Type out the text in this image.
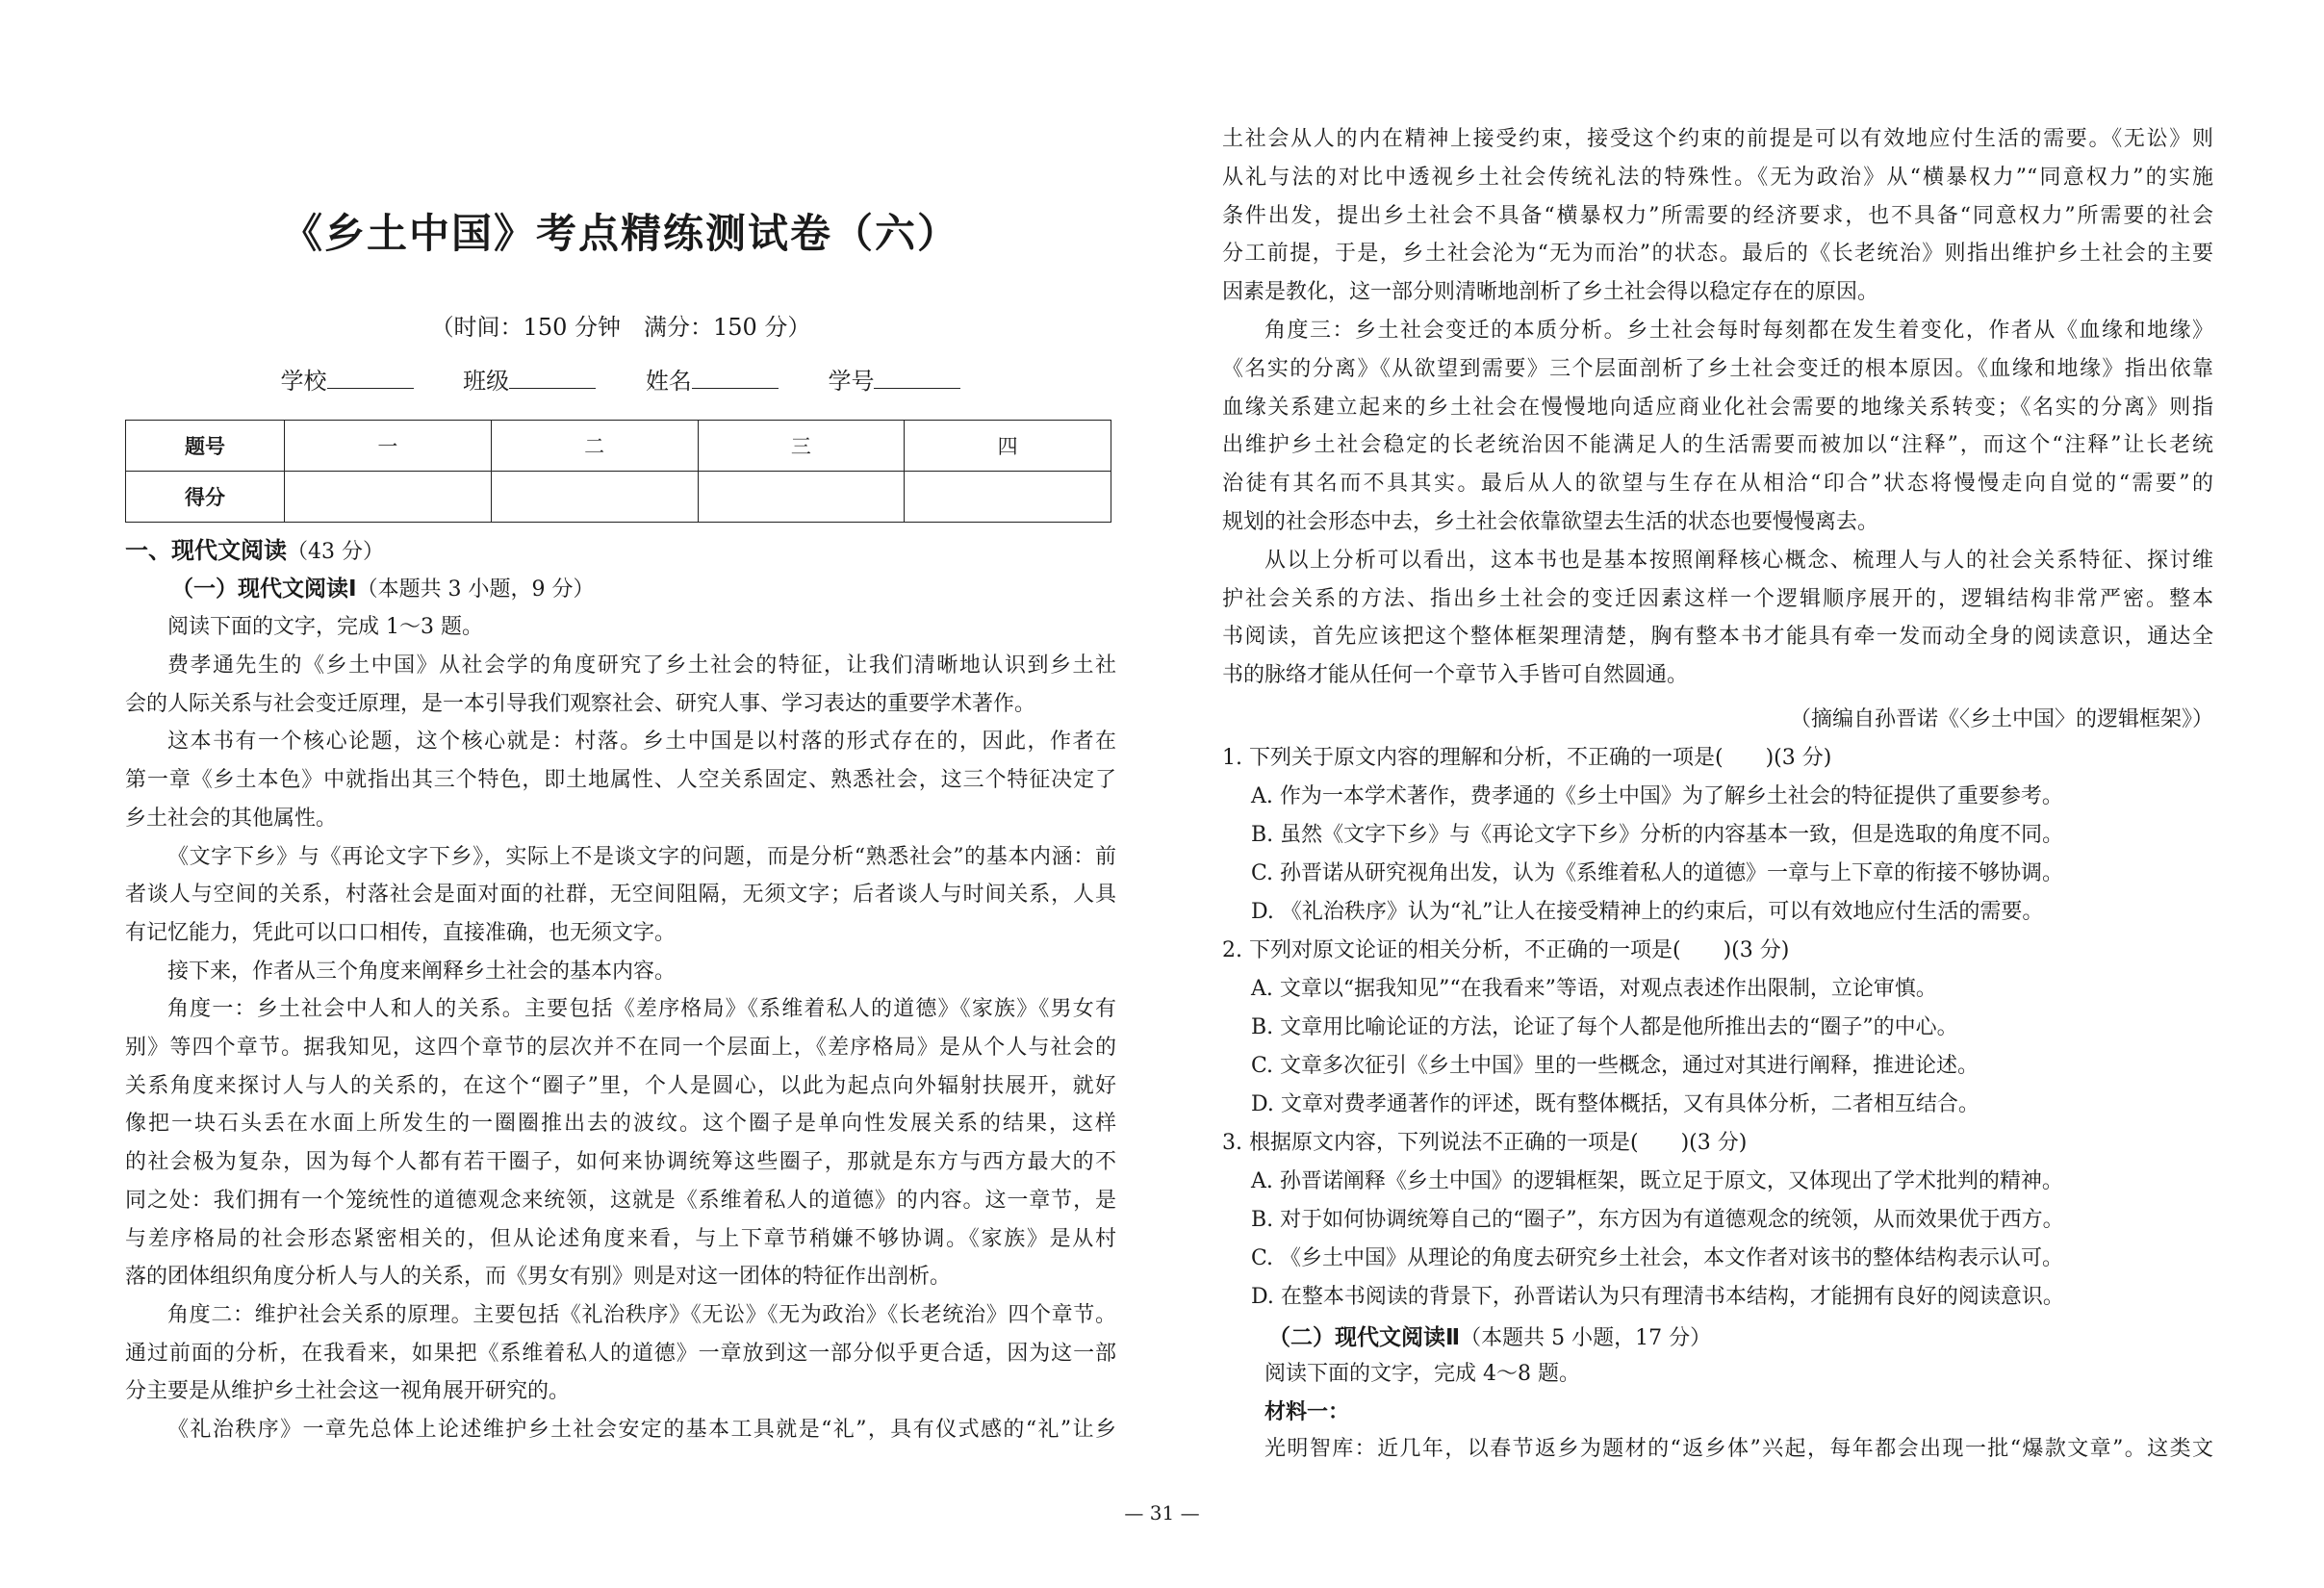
《乡土中国》考点精练测试卷（六）
（时间：150 分钟　满分：150 分）
学校	班级	姓名	学号
题号	一	二	三	四
得分				
一、现代文阅读（43 分）
（一）现代文阅读Ⅰ（本题共 3 小题，9 分）
阅读下面的文字，完成 1～3 题。
费孝通先生的《乡土中国》从社会学的角度研究了乡土社会的特征，让我们清晰地认识到乡土社
会的人际关系与社会变迁原理，是一本引导我们观察社会、研究人事、学习表达的重要学术著作。
这本书有一个核心论题，这个核心就是：村落。乡土中国是以村落的形式存在的，因此，作者在
第一章《乡土本色》中就指出其三个特色，即土地属性、人空关系固定、熟悉社会，这三个特征决定了
乡土社会的其他属性。
《文字下乡》与《再论文字下乡》，实际上不是谈文字的问题，而是分析“熟悉社会”的基本内涵：前
者谈人与空间的关系，村落社会是面对面的社群，无空间阻隔，无须文字；后者谈人与时间关系，人具
有记忆能力，凭此可以口口相传，直接准确，也无须文字。
接下来，作者从三个角度来阐释乡土社会的基本内容。
角度一：乡土社会中人和人的关系。主要包括《差序格局》《系维着私人的道德》《家族》《男女有
别》等四个章节。据我知见，这四个章节的层次并不在同一个层面上，《差序格局》是从个人与社会的
关系角度来探讨人与人的关系的，在这个“圈子”里，个人是圆心，以此为起点向外辐射扶展开，就好
像把一块石头丢在水面上所发生的一圈圈推出去的波纹。这个圈子是单向性发展关系的结果，这样
的社会极为复杂，因为每个人都有若干圈子，如何来协调统筹这些圈子，那就是东方与西方最大的不
同之处：我们拥有一个笼统性的道德观念来统领，这就是《系维着私人的道德》的内容。这一章节，是
与差序格局的社会形态紧密相关的，但从论述角度来看，与上下章节稍嫌不够协调。《家族》是从村
落的团体组织角度分析人与人的关系，而《男女有别》则是对这一团体的特征作出剖析。
角度二：维护社会关系的原理。主要包括《礼治秩序》《无讼》《无为政治》《长老统治》四个章节。
通过前面的分析，在我看来，如果把《系维着私人的道德》一章放到这一部分似乎更合适，因为这一部
分主要是从维护乡土社会这一视角展开研究的。
《礼治秩序》一章先总体上论述维护乡土社会安定的基本工具就是“礼”，具有仪式感的“礼”让乡
土社会从人的内在精神上接受约束，接受这个约束的前提是可以有效地应付生活的需要。《无讼》则
从礼与法的对比中透视乡土社会传统礼法的特殊性。《无为政治》从“横暴权力”“同意权力”的实施
条件出发，提出乡土社会不具备“横暴权力”所需要的经济要求，也不具备“同意权力”所需要的社会
分工前提，于是，乡土社会沦为“无为而治”的状态。最后的《长老统治》则指出维护乡土社会的主要
因素是教化，这一部分则清晰地剖析了乡土社会得以稳定存在的原因。
角度三：乡土社会变迁的本质分析。乡土社会每时每刻都在发生着变化，作者从《血缘和地缘》
《名实的分离》《从欲望到需要》三个层面剖析了乡土社会变迁的根本原因。《血缘和地缘》指出依靠
血缘关系建立起来的乡土社会在慢慢地向适应商业化社会需要的地缘关系转变；《名实的分离》则指
出维护乡土社会稳定的长老统治因不能满足人的生活需要而被加以“注释”，而这个“注释”让长老统
治徒有其名而不具其实。最后从人的欲望与生存在从相洽“印合”状态将慢慢走向自觉的“需要”的
规划的社会形态中去，乡土社会依靠欲望去生活的状态也要慢慢离去。
从以上分析可以看出，这本书也是基本按照阐释核心概念、梳理人与人的社会关系特征、探讨维
护社会关系的方法、指出乡土社会的变迁因素这样一个逻辑顺序展开的，逻辑结构非常严密。整本
书阅读，首先应该把这个整体框架理清楚，胸有整本书才能具有牵一发而动全身的阅读意识，通达全
书的脉络才能从任何一个章节入手皆可自然圆通。
（摘编自孙晋诺《〈乡土中国〉的逻辑框架》）
1. 下列关于原文内容的理解和分析，不正确的一项是(　　)(3 分)
A. 作为一本学术著作，费孝通的《乡土中国》为了解乡土社会的特征提供了重要参考。
B. 虽然《文字下乡》与《再论文字下乡》分析的内容基本一致，但是选取的角度不同。
C. 孙晋诺从研究视角出发，认为《系维着私人的道德》一章与上下章的衔接不够协调。
D. 《礼治秩序》认为“礼”让人在接受精神上的约束后，可以有效地应付生活的需要。
2. 下列对原文论证的相关分析，不正确的一项是(　　)(3 分)
A. 文章以“据我知见”“在我看来”等语，对观点表述作出限制，立论审慎。
B. 文章用比喻论证的方法，论证了每个人都是他所推出去的“圈子”的中心。
C. 文章多次征引《乡土中国》里的一些概念，通过对其进行阐释，推进论述。
D. 文章对费孝通著作的评述，既有整体概括，又有具体分析，二者相互结合。
3. 根据原文内容，下列说法不正确的一项是(　　)(3 分)
A. 孙晋诺阐释《乡土中国》的逻辑框架，既立足于原文，又体现出了学术批判的精神。
B. 对于如何协调统筹自己的“圈子”，东方因为有道德观念的统领，从而效果优于西方。
C. 《乡土中国》从理论的角度去研究乡土社会，本文作者对该书的整体结构表示认可。
D. 在整本书阅读的背景下，孙晋诺认为只有理清书本结构，才能拥有良好的阅读意识。
（二）现代文阅读Ⅱ（本题共 5 小题，17 分）
阅读下面的文字，完成 4～8 题。
材料一：
光明智库：近几年，以春节返乡为题材的“返乡体”兴起，每年都会出现一批“爆款文章”。这类文
— 31 —
